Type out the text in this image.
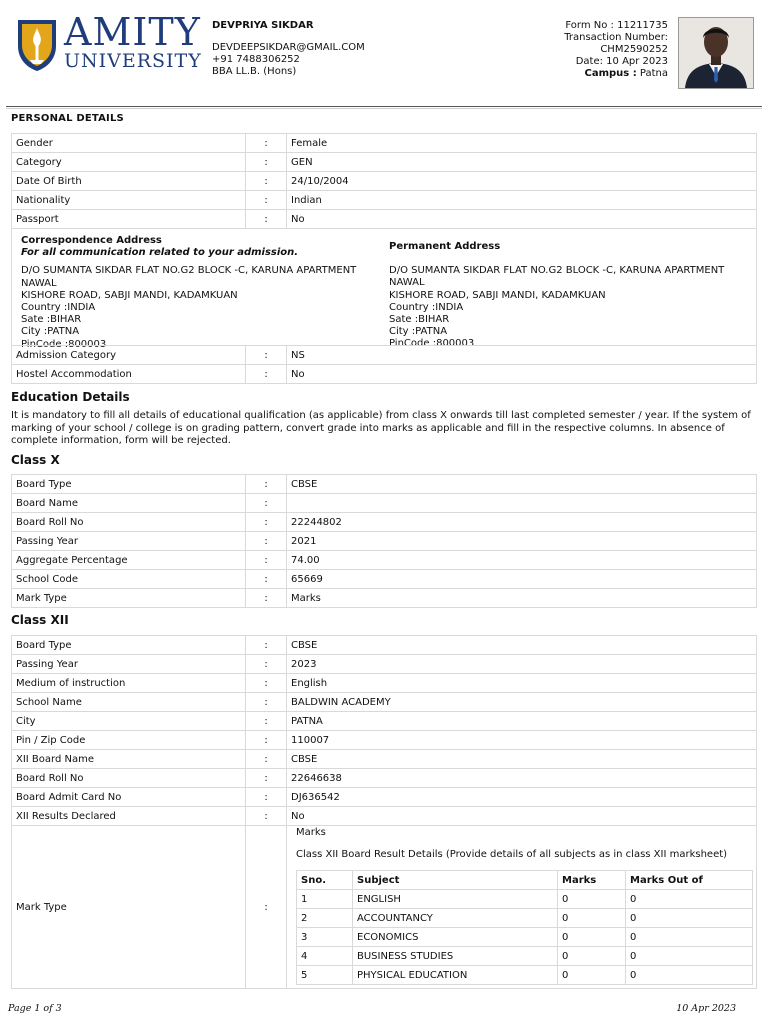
AMITY
UNIVERSITY
DEVPRIYA SIKDAR
DEVDEEPSIKDAR@GMAIL.COM
+91 7488306252
BBA LL.B. (Hons)
Form No : 11211735
Transaction Number:
CHM2590252
Date: 10 Apr 2023
Campus : Patna
PERSONAL DETAILS
Gender	:	Female
Category	:	GEN
Date Of Birth	:	24/10/2004
Nationality	:	Indian
Passport	:	No
Correspondence Address
For all communication related to your admission.
D/O SUMANTA SIKDAR FLAT NO.G2 BLOCK -C, KARUNA APARTMENT NAWAL
KISHORE ROAD, SABJI MANDI, KADAMKUAN
Country :INDIA
Sate :BIHAR
City :PATNA
PinCode :800003
Permanent Address
D/O SUMANTA SIKDAR FLAT NO.G2 BLOCK -C, KARUNA APARTMENT NAWAL
KISHORE ROAD, SABJI MANDI, KADAMKUAN
Country :INDIA
Sate :BIHAR
City :PATNA
PinCode :800003
Admission Category	:	NS
Hostel Accommodation	:	No
Education Details
It is mandatory to fill all details of educational qualification (as applicable) from class X onwards till last completed semester / year. If the system of marking of your school / college is on grading pattern, convert grade into marks as applicable and fill in the respective columns. In absence of complete information, form will be rejected.
Class X
Board Type	:	CBSE
Board Name	:	
Board Roll No	:	22244802
Passing Year	:	2021
Aggregate Percentage	:	74.00
School Code	:	65669
Mark Type	:	Marks
Class XII
Board Type	:	CBSE
Passing Year	:	2023
Medium of instruction	:	English
School Name	:	BALDWIN ACADEMY
City	:	PATNA
Pin / Zip Code	:	110007
XII Board Name	:	CBSE
Board Roll No	:	22646638
Board Admit Card No	:	DJ636542
XII Results Declared	:	No
Mark Type	:	
Marks
Class XII Board Result Details (Provide details of all subjects as in class XII marksheet)
Sno.	Subject	Marks	Marks Out of
1	ENGLISH	0	0
2	ACCOUNTANCY	0	0
3	ECONOMICS	0	0
4	BUSINESS STUDIES	0	0
5	PHYSICAL EDUCATION	0	0
Page 1 of 3	10 Apr 2023
